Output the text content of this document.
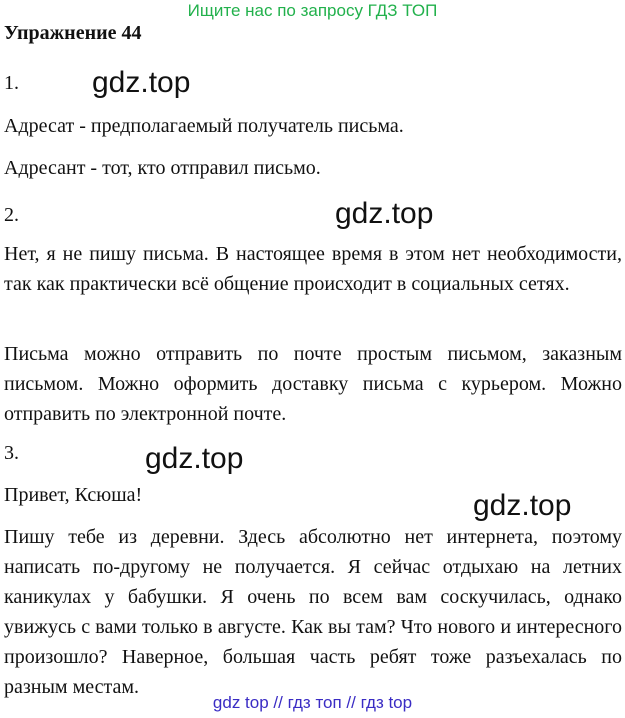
Ищите нас по запросу ГДЗ ТОП
Упражнение 44
1. gdz.top

Адресат - предполагаемый получатель письма.

Адресант - тот, кто отправил письмо.

2.	gdz.top

Нет, я не пишу письма. В настоящее время в этом нет необходимости, так как практически всё общение происходит в социальных сетях.

Письма можно отправить по почте простым письмом, заказным письмом. Можно оформить доставку письма с курьером. Можно отправить по электронной почте.

3.	gdz.top

Привет, Ксюша!	gdz.top

Пишу тебе из деревни. Здесь абсолютно нет интернета, поэтому написать по-другому не получается. Я сейчас отдыхаю на летних каникулах у бабушки. Я очень по всем вам соскучилась, однако увижусь с вами только в августе. Как вы там? Что нового и интересного произошло? Наверное, большая часть ребят тоже разъехалась по разным местам.

gdz top // гдз топ // гдз top
